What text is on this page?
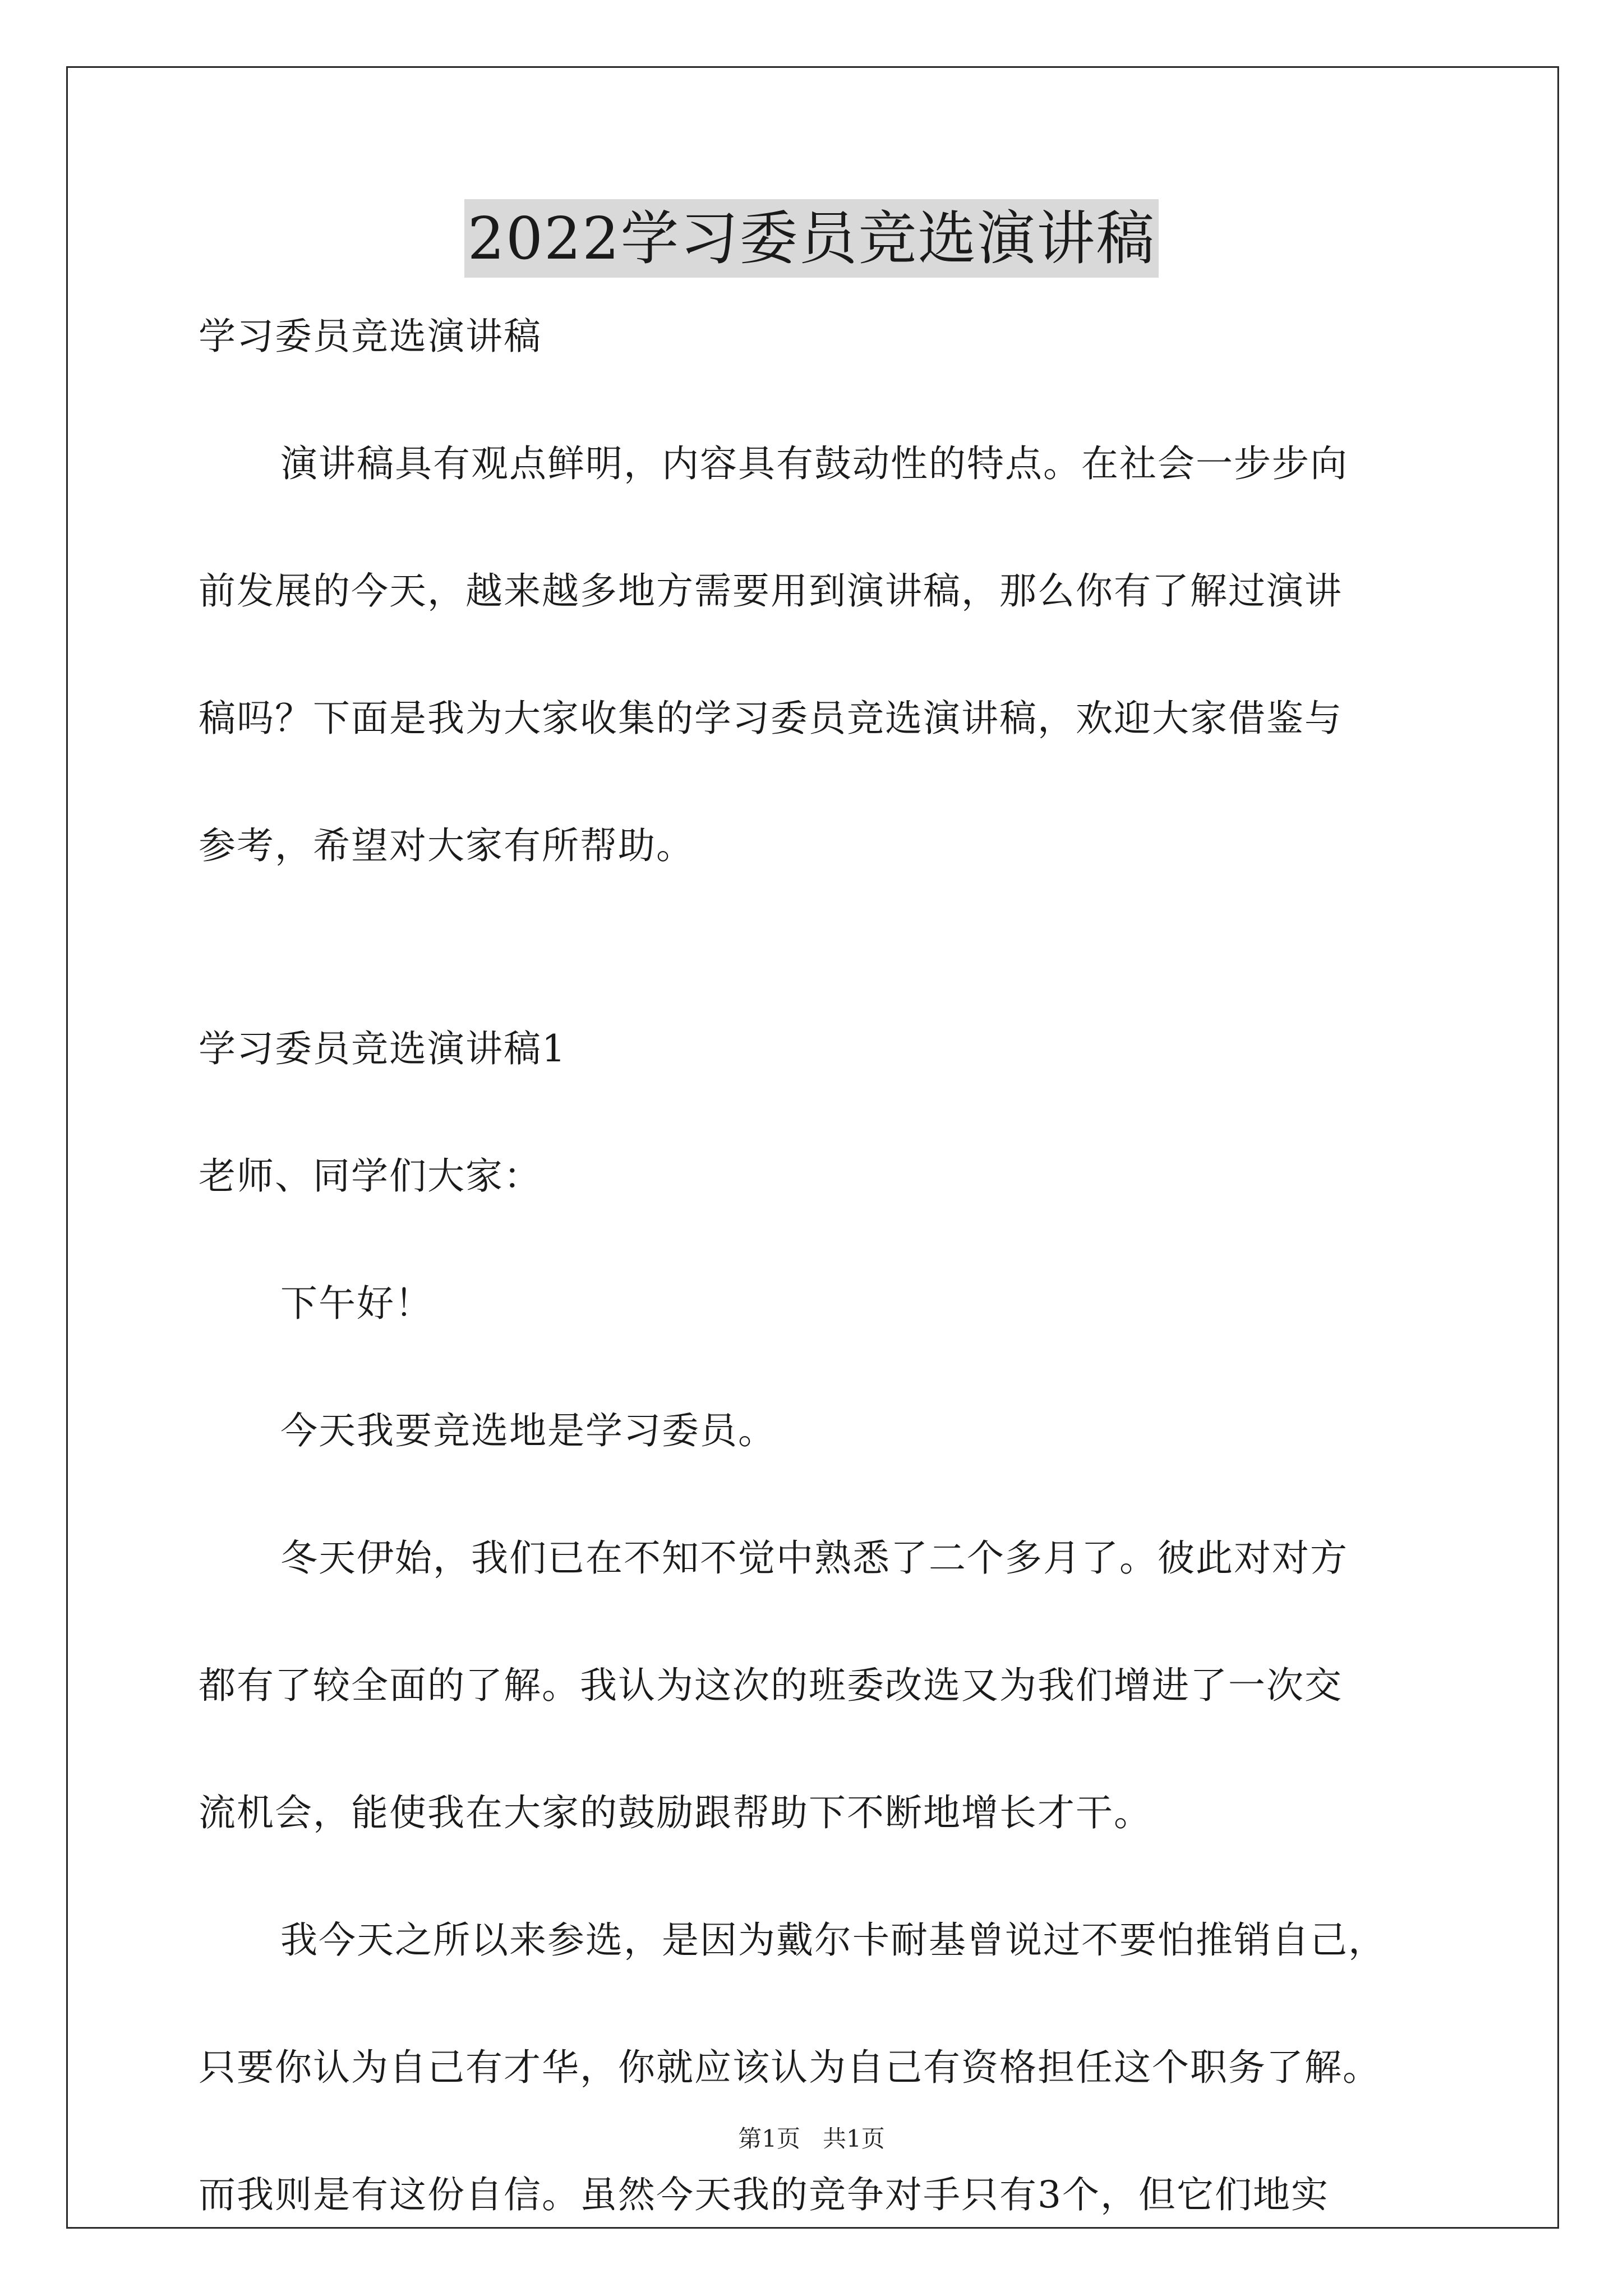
2022学习委员竞选演讲稿
学习委员竞选演讲稿
演讲稿具有观点鲜明，内容具有鼓动性的特点。在社会一步步向
前发展的今天，越来越多地方需要用到演讲稿，那么你有了解过演讲
稿吗？下面是我为大家收集的学习委员竞选演讲稿，欢迎大家借鉴与
参考，希望对大家有所帮助。
学习委员竞选演讲稿1
老师、同学们大家：
下午好！
今天我要竞选地是学习委员。
冬天伊始，我们已在不知不觉中熟悉了二个多月了。彼此对对方
都有了较全面的了解。我认为这次的班委改选又为我们增进了一次交
流机会，能使我在大家的鼓励跟帮助下不断地增长才干。
我今天之所以来参选，是因为戴尔卡耐基曾说过不要怕推销自己，
只要你认为自己有才华，你就应该认为自己有资格担任这个职务了解。
而我则是有这份自信。虽然今天我的竞争对手只有3个，但它们地实
第1页   共1页
